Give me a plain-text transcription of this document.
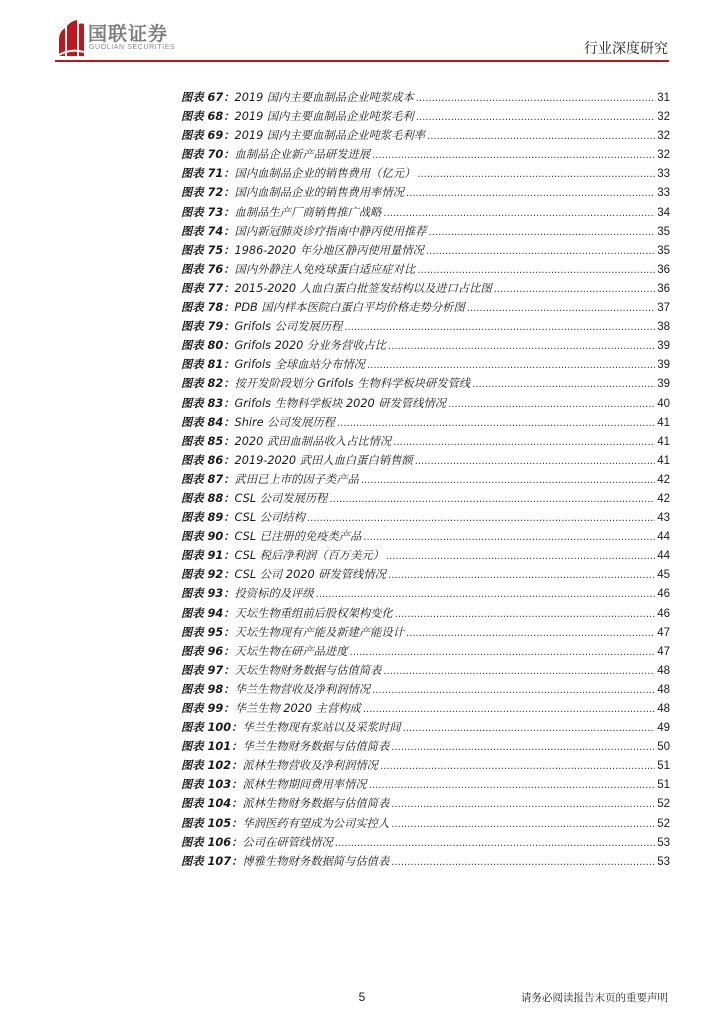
国联证券
GUOLIAN SECURITIES	行业深度研究
图表 67： 2019 国内主要血制品企业吨浆成本 .....	31
图表 68： 2019 国内主要血制品企业吨浆毛利 .....	32
图表 69： 2019 国内主要血制品企业吨浆毛利率 .....	32
图表 70： 血制品企业新产品研发进展 .....	32
图表 71： 国内血制品企业的销售费用（亿元） .....	33
图表 72： 国内血制品企业的销售费用率情况 .....	33
图表 73： 血制品生产厂商销售推广战略 .....	34
图表 74： 国内新冠肺炎诊疗指南中静丙使用推荐 .....	35
图表 75： 1986-2020 年分地区静丙使用量情况 .....	35
图表 76： 国内外静注人免疫球蛋白适应症对比 .....	36
图表 77： 2015-2020 人血白蛋白批签发结构以及进口占比图 .....	36
图表 78： PDB 国内样本医院白蛋白平均价格走势分析图 .....	37
图表 79： Grifols 公司发展历程 .....	38
图表 80： Grifols 2020 分业务营收占比 .....	39
图表 81： Grifols 全球血站分布情况 .....	39
图表 82： 按开发阶段划分 Grifols 生物科学板块研发管线 .....	39
图表 83： Grifols 生物科学板块 2020 研发管线情况 .....	40
图表 84： Shire 公司发展历程 .....	41
图表 85： 2020 武田血制品收入占比情况 .....	41
图表 86： 2019-2020 武田人血白蛋白销售额 .....	41
图表 87： 武田已上市的因子类产品 .....	42
图表 88： CSL 公司发展历程 .....	42
图表 89： CSL 公司结构 .....	43
图表 90： CSL 已注册的免疫类产品 .....	44
图表 91： CSL 税后净利润（百万美元） .....	44
图表 92： CSL 公司 2020 研发管线情况 .....	45
图表 93： 投资标的及评级 .....	46
图表 94： 天坛生物重组前后股权架构变化 .....	46
图表 95： 天坛生物现有产能及新建产能设计 .....	47
图表 96： 天坛生物在研产品进度 .....	47
图表 97： 天坛生物财务数据与估值简表 .....	48
图表 98： 华兰生物营收及净利润情况 .....	48
图表 99： 华兰生物 2020 主营构成 .....	48
图表 100： 华兰生物现有浆站以及采浆时间 .....	49
图表 101： 华兰生物财务数据与估值简表 .....	50
图表 102： 派林生物营收及净利润情况 .....	51
图表 103： 派林生物期间费用率情况 .....	51
图表 104： 派林生物财务数据与估值简表 .....	52
图表 105： 华润医药有望成为公司实控人 .....	52
图表 106： 公司在研管线情况 .....	53
图表 107： 博雅生物财务数据简与估值表 .....	53
5	请务必阅读报告末页的重要声明
